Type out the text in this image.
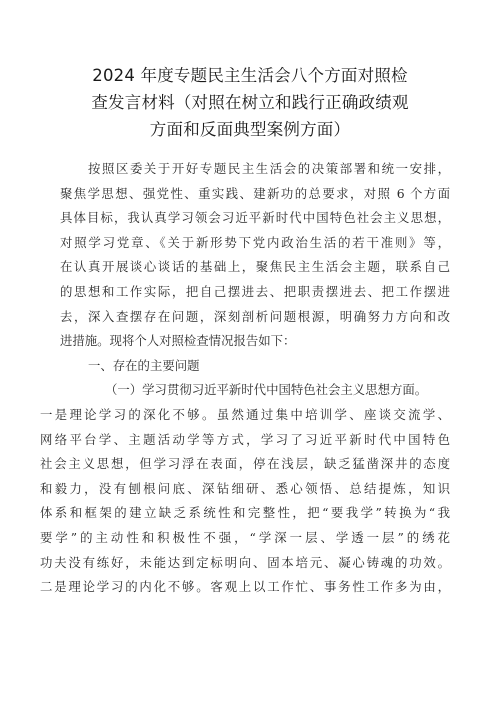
2024 年度专题民主生活会八个方面对照检
查发言材料（对照在树立和践行正确政绩观
方面和反面典型案例方面）
按照区委关于开好专题民主生活会的决策部署和统一安排，
聚焦学思想、强党性、重实践、建新功的总要求，对照 6 个方面
具体目标，我认真学习领会习近平新时代中国特色社会主义思想，
对照学习党章、《关于新形势下党内政治生活的若干准则》等，
在认真开展谈心谈话的基础上，聚焦民主生活会主题，联系自己
的思想和工作实际，把自己摆进去、把职责摆进去、把工作摆进
去，深入查摆存在问题，深刻剖析问题根源，明确努力方向和改
进措施。现将个人对照检查情况报告如下：
一、存在的主要问题
（一）学习贯彻习近平新时代中国特色社会主义思想方面。
一是理论学习的深化不够。虽然通过集中培训学、座谈交流学、
网络平台学、主题活动学等方式，学习了习近平新时代中国特色
社会主义思想，但学习浮在表面，停在浅层，缺乏猛凿深井的态度
和毅力，没有刨根问底、深钻细研、悉心领悟、总结提炼，知识
体系和框架的建立缺乏系统性和完整性，把“要我学”转换为“我
要学”的主动性和积极性不强，“学深一层、学透一层”的绣花
功夫没有练好，未能达到定标明向、固本培元、凝心铸魂的功效。
二是理论学习的内化不够。客观上以工作忙、事务性工作多为由，
